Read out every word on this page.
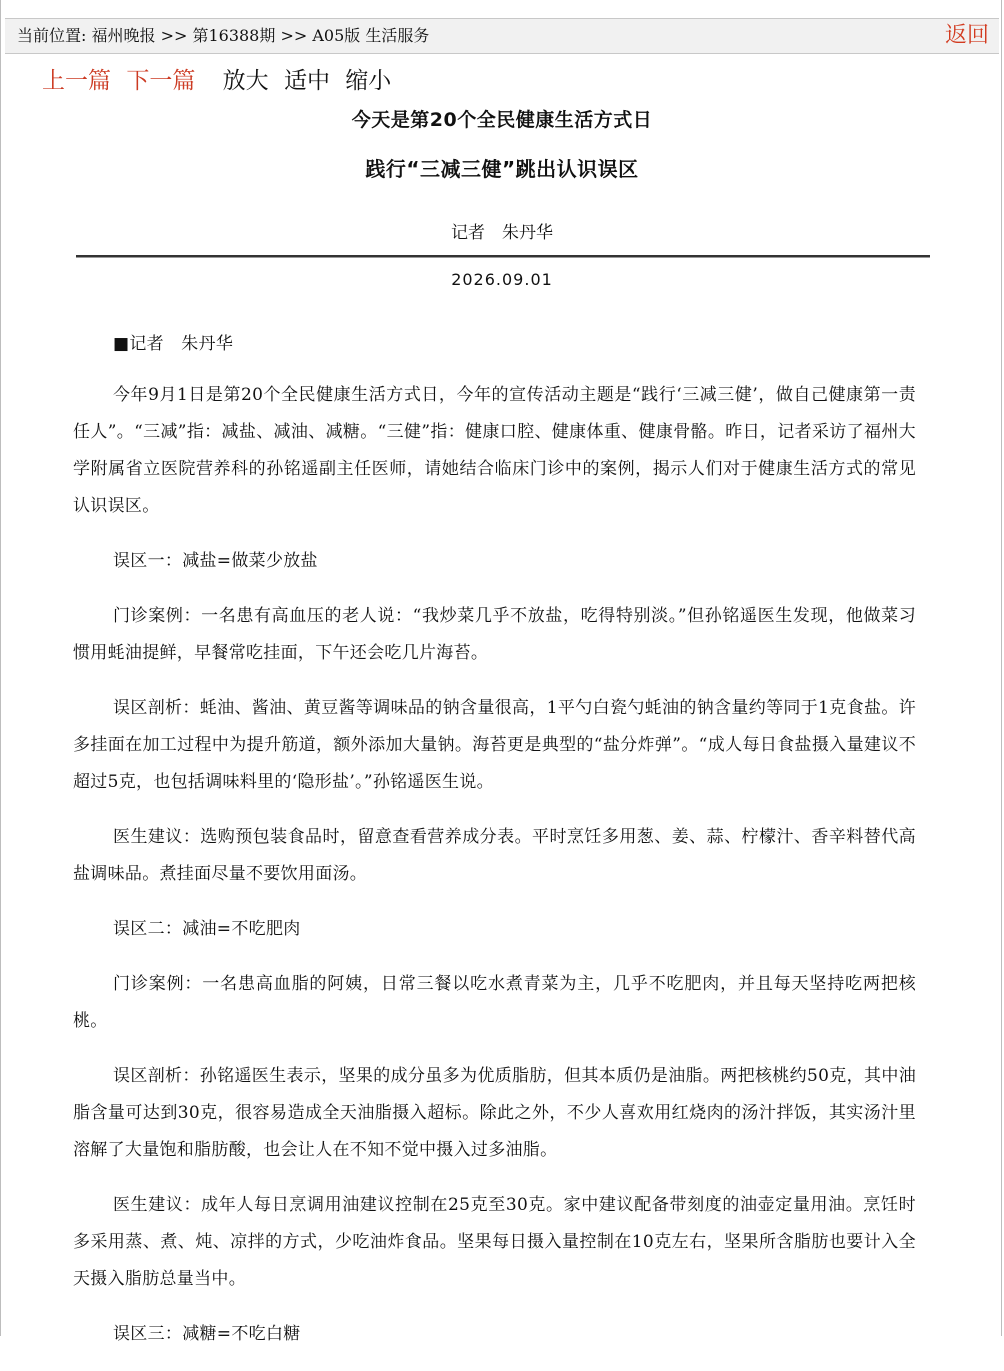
当前位置: 福州晚报 >> 第16388期 >> A05版 生活服务	返回
上一篇 下一篇 放大 适中 缩小
今天是第20个全民健康生活方式日
践行“三减三健”跳出认识误区
记者　朱丹华
2026.09.01

■记者　朱丹华

今年9月1日是第20个全民健康生活方式日，今年的宣传活动主题是“践行‘三减三健’，做自己健康第一责任人”。“三减”指：减盐、减油、减糖。“三健”指：健康口腔、健康体重、健康骨骼。昨日，记者采访了福州大学附属省立医院营养科的孙铭遥副主任医师，请她结合临床门诊中的案例，揭示人们对于健康生活方式的常见认识误区。

误区一：减盐=做菜少放盐

门诊案例：一名患有高血压的老人说：“我炒菜几乎不放盐，吃得特别淡。”但孙铭遥医生发现，他做菜习惯用蚝油提鲜，早餐常吃挂面，下午还会吃几片海苔。

误区剖析：蚝油、酱油、黄豆酱等调味品的钠含量很高，1平勺白瓷勺蚝油的钠含量约等同于1克食盐。许多挂面在加工过程中为提升筋道，额外添加大量钠。海苔更是典型的“盐分炸弹”。“成人每日食盐摄入量建议不超过5克，也包括调味料里的‘隐形盐’。”孙铭遥医生说。

医生建议：选购预包装食品时，留意查看营养成分表。平时烹饪多用葱、姜、蒜、柠檬汁、香辛料替代高盐调味品。煮挂面尽量不要饮用面汤。

误区二：减油=不吃肥肉

门诊案例：一名患高血脂的阿姨，日常三餐以吃水煮青菜为主，几乎不吃肥肉，并且每天坚持吃两把核桃。

误区剖析：孙铭遥医生表示，坚果的成分虽多为优质脂肪，但其本质仍是油脂。两把核桃约50克，其中油脂含量可达到30克，很容易造成全天油脂摄入超标。除此之外，不少人喜欢用红烧肉的汤汁拌饭，其实汤汁里溶解了大量饱和脂肪酸，也会让人在不知不觉中摄入过多油脂。

医生建议：成年人每日烹调用油建议控制在25克至30克。家中建议配备带刻度的油壶定量用油。烹饪时多采用蒸、煮、炖、凉拌的方式，少吃油炸食品。坚果每日摄入量控制在10克左右，坚果所含脂肪也要计入全天摄入脂肪总量当中。

误区三：减糖=不吃白糖
